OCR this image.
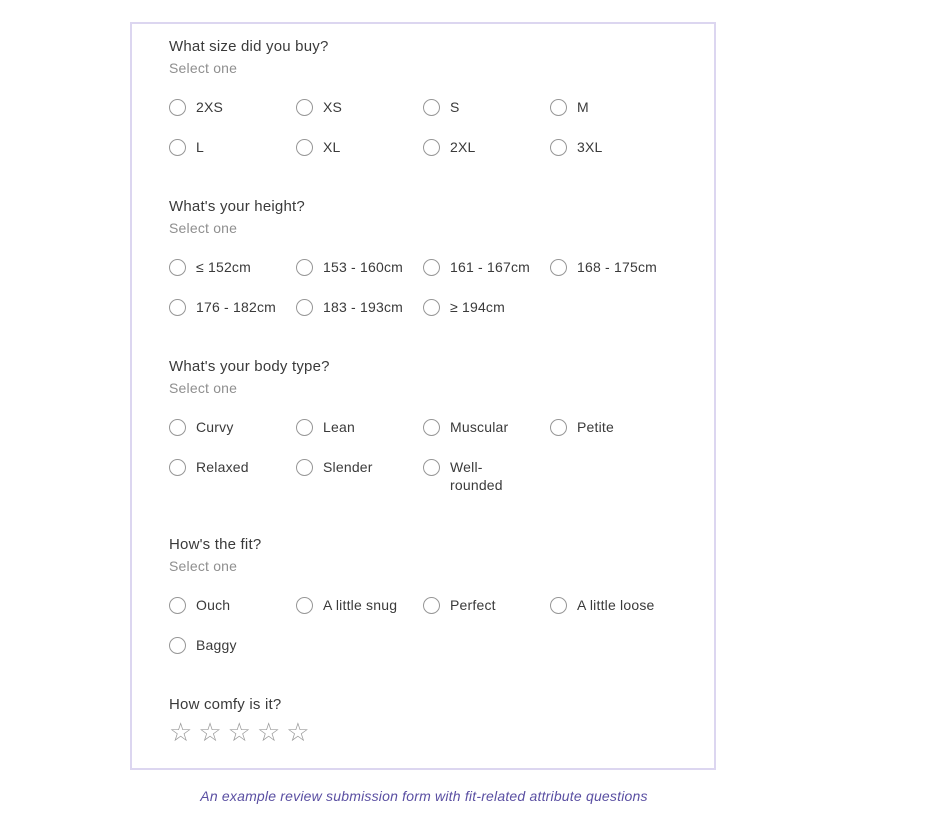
What size did you buy?
Select one
2XS	XS	S	M
L	XL	2XL	3XL
What's your height?
Select one
≤ 152cm	153 - 160cm	161 - 167cm	168 - 175cm
176 - 182cm	183 - 193cm	≥ 194cm
What's your body type?
Select one
Curvy	Lean	Muscular	Petite
Relaxed	Slender	Well-rounded
How's the fit?
Select one
Ouch	A little snug	Perfect	A little loose
Baggy
How comfy is it?
☆ ☆ ☆ ☆ ☆
An example review submission form with fit-related attribute questions
